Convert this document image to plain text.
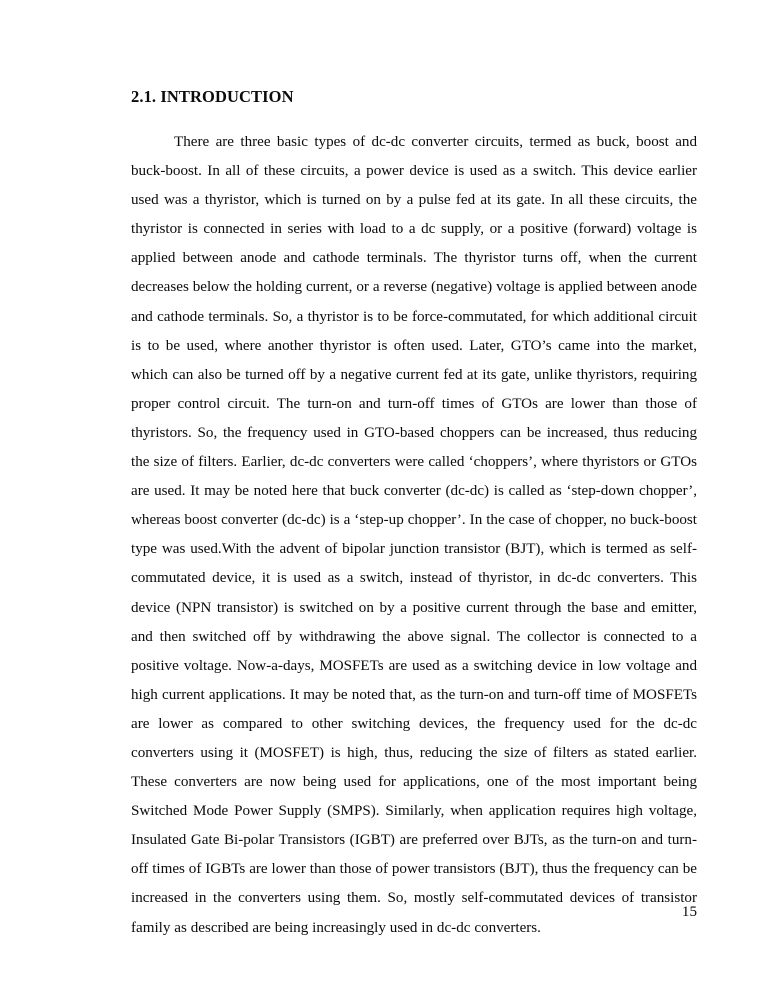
2.1. INTRODUCTION

There are three basic types of dc-dc converter circuits, termed as buck, boost and buck-boost. In all of these circuits, a power device is used as a switch. This device earlier used was a thyristor, which is turned on by a pulse fed at its gate. In all these circuits, the thyristor is connected in series with load to a dc supply, or a positive (forward) voltage is applied between anode and cathode terminals. The thyristor turns off, when the current decreases below the holding current, or a reverse (negative) voltage is applied between anode and cathode terminals. So, a thyristor is to be force-commutated, for which additional circuit is to be used, where another thyristor is often used. Later, GTO’s came into the market, which can also be turned off by a negative current fed at its gate, unlike thyristors, requiring proper control circuit. The turn-on and turn-off times of GTOs are lower than those of thyristors. So, the frequency used in GTO-based choppers can be increased, thus reducing the size of filters. Earlier, dc-dc converters were called ‘choppers’, where thyristors or GTOs are used. It may be noted here that buck converter (dc-dc) is called as ‘step-down chopper’, whereas boost converter (dc-dc) is a ‘step-up chopper’. In the case of chopper, no buck-boost type was used.With the advent of bipolar junction transistor (BJT), which is termed as self-commutated device, it is used as a switch, instead of thyristor, in dc-dc converters. This device (NPN transistor) is switched on by a positive current through the base and emitter, and then switched off by withdrawing the above signal. The collector is connected to a positive voltage. Now-a-days, MOSFETs are used as a switching device in low voltage and high current applications. It may be noted that, as the turn-on and turn-off time of MOSFETs are lower as compared to other switching devices, the frequency used for the dc-dc converters using it (MOSFET) is high, thus, reducing the size of filters as stated earlier. These converters are now being used for applications, one of the most important being Switched Mode Power Supply (SMPS). Similarly, when application requires high voltage, Insulated Gate Bi-polar Transistors (IGBT) are preferred over BJTs, as the turn-on and turn-off times of IGBTs are lower than those of power transistors (BJT), thus the frequency can be increased in the converters using them. So, mostly self-commutated devices of transistor family as described are being increasingly used in dc-dc converters.

15
